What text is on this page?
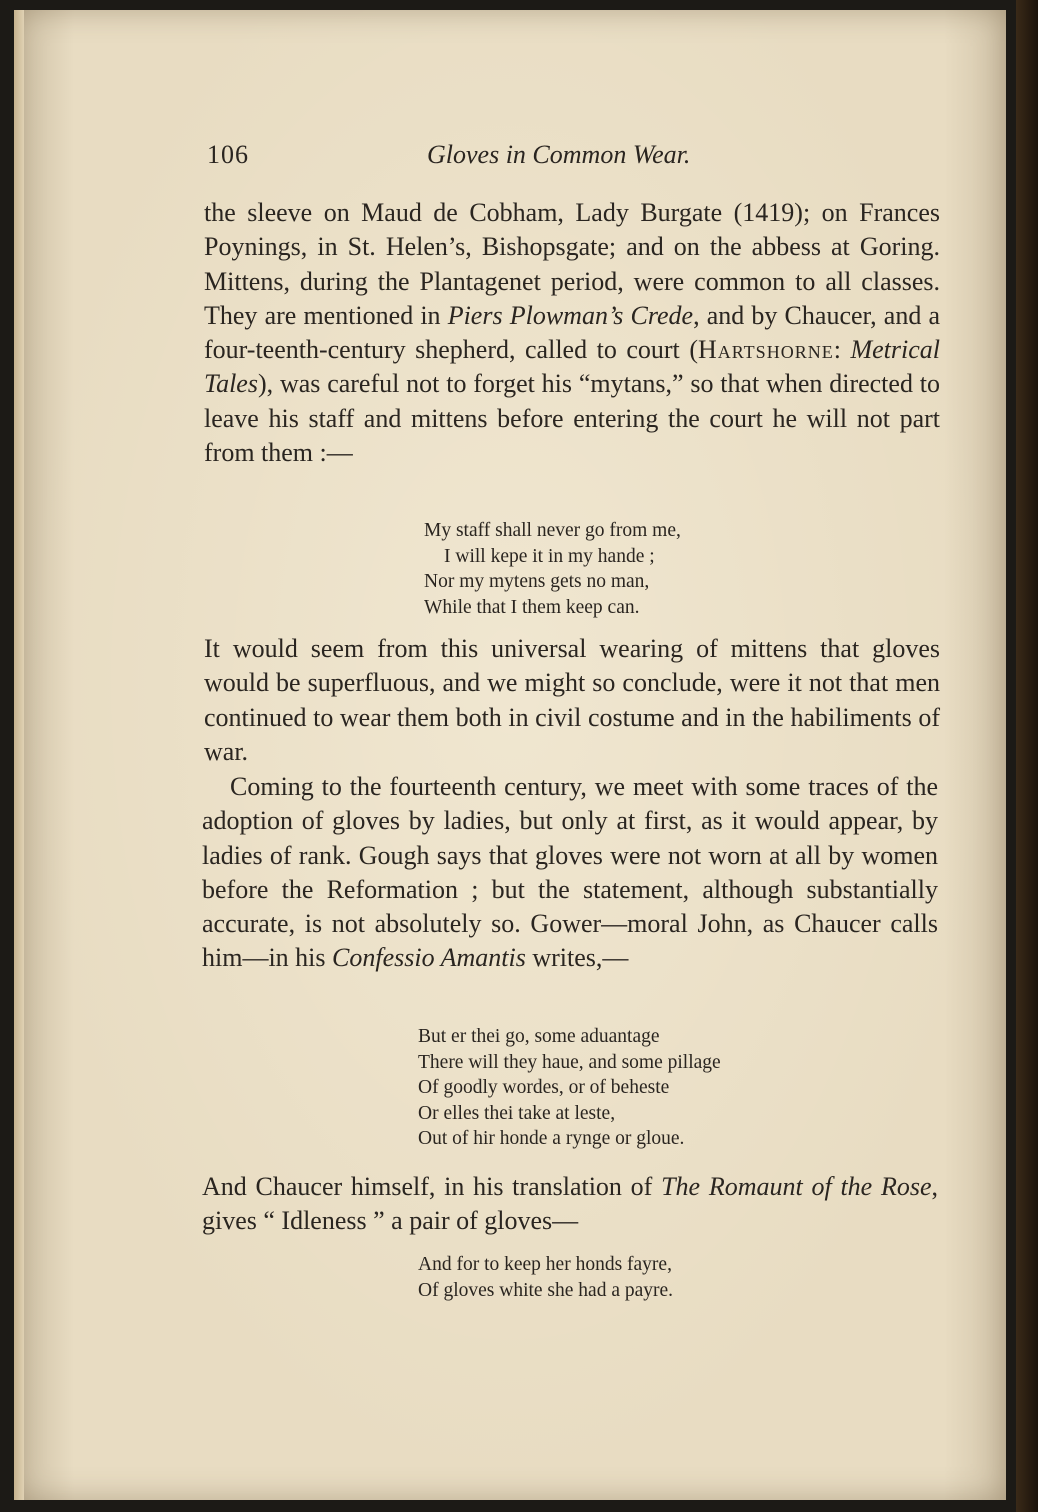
106	Gloves in Common Wear.
the sleeve on Maud de Cobham, Lady Burgate (1419); on Frances Poynings, in St. Helen’s, Bishopsgate; and on the abbess at Goring. Mittens, during the Plantagenet period, were common to all classes. They are mentioned in Piers Plowman’s Crede, and by Chaucer, and a four-teenth-century shepherd, called to court (Hartshorne: Metrical Tales), was careful not to forget his “mytans,” so that when directed to leave his staff and mittens before entering the court he will not part from them :—
My staff shall never go from me,
I will kepe it in my hande ;
Nor my mytens gets no man,
While that I them keep can.
It would seem from this universal wearing of mittens that gloves would be superfluous, and we might so conclude, were it not that men continued to wear them both in civil costume and in the habiliments of war.
Coming to the fourteenth century, we meet with some traces of the adoption of gloves by ladies, but only at first, as it would appear, by ladies of rank. Gough says that gloves were not worn at all by women before the Reformation ; but the statement, although substantially accurate, is not absolutely so. Gower—moral John, as Chaucer calls him—in his Confessio Amantis writes,—
But er thei go, some aduantage
There will they haue, and some pillage
Of goodly wordes, or of beheste
Or elles thei take at leste,
Out of hir honde a rynge or gloue.
And Chaucer himself, in his translation of The Romaunt of the Rose, gives “ Idleness ” a pair of gloves—
And for to keep her honds fayre,
Of gloves white she had a payre.
